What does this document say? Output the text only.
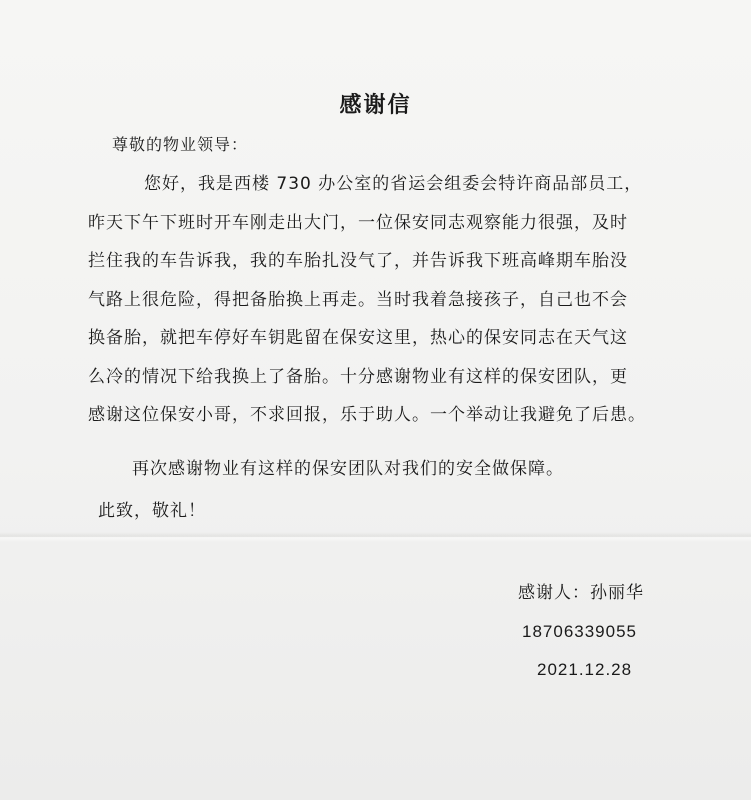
感谢信
尊敬的物业领导：
您好，我是西楼 730 办公室的省运会组委会特许商品部员工，
昨天下午下班时开车刚走出大门，一位保安同志观察能力很强，及时
拦住我的车告诉我，我的车胎扎没气了，并告诉我下班高峰期车胎没
气路上很危险，得把备胎换上再走。当时我着急接孩子，自己也不会
换备胎，就把车停好车钥匙留在保安这里，热心的保安同志在天气这
么冷的情况下给我换上了备胎。十分感谢物业有这样的保安团队，更
感谢这位保安小哥，不求回报，乐于助人。一个举动让我避免了后患。
再次感谢物业有这样的保安团队对我们的安全做保障。
此致，敬礼！
感谢人：孙丽华
18706339055
2021.12.28
